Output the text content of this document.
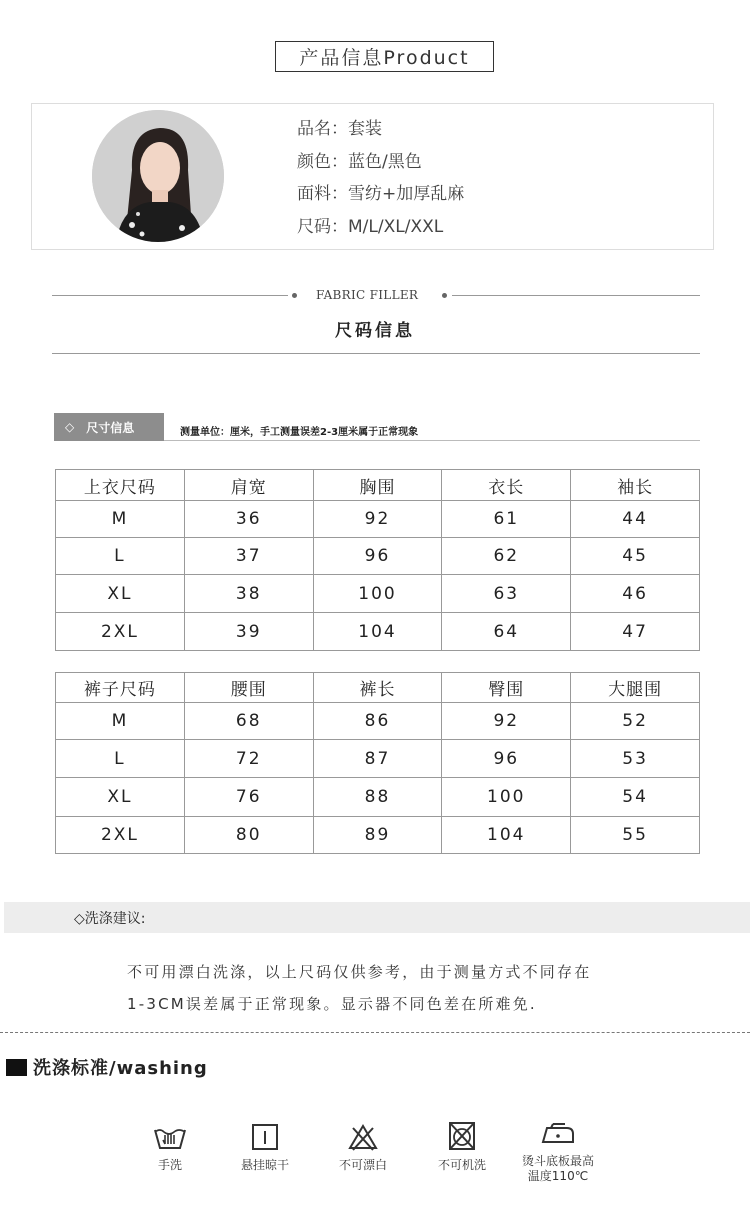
产品信息Product
品名：套装
颜色：蓝色/黑色
面料：雪纺+加厚乱麻
尺码：M/L/XL/XXL
FABRIC FILLER
尺码信息
◇ 尺寸信息	测量单位：厘米，手工测量误差2-3厘米属于正常现象
上衣尺码	肩宽	胸围	衣长	袖长
M	36	92	61	44
L	37	96	62	45
XL	38	100	63	46
2XL	39	104	64	47
裤子尺码	腰围	裤长	臀围	大腿围
M	68	86	92	52
L	72	87	96	53
XL	76	88	100	54
2XL	80	89	104	55
◇洗涤建议:
不可用漂白洗涤，以上尺码仅供参考，由于测量方式不同存在
1-3CM误差属于正常现象。显示器不同色差在所难免.
洗涤标准/washing
手洗	悬挂晾干	不可漂白	不可机洗	烫斗底板最高
温度110℃
